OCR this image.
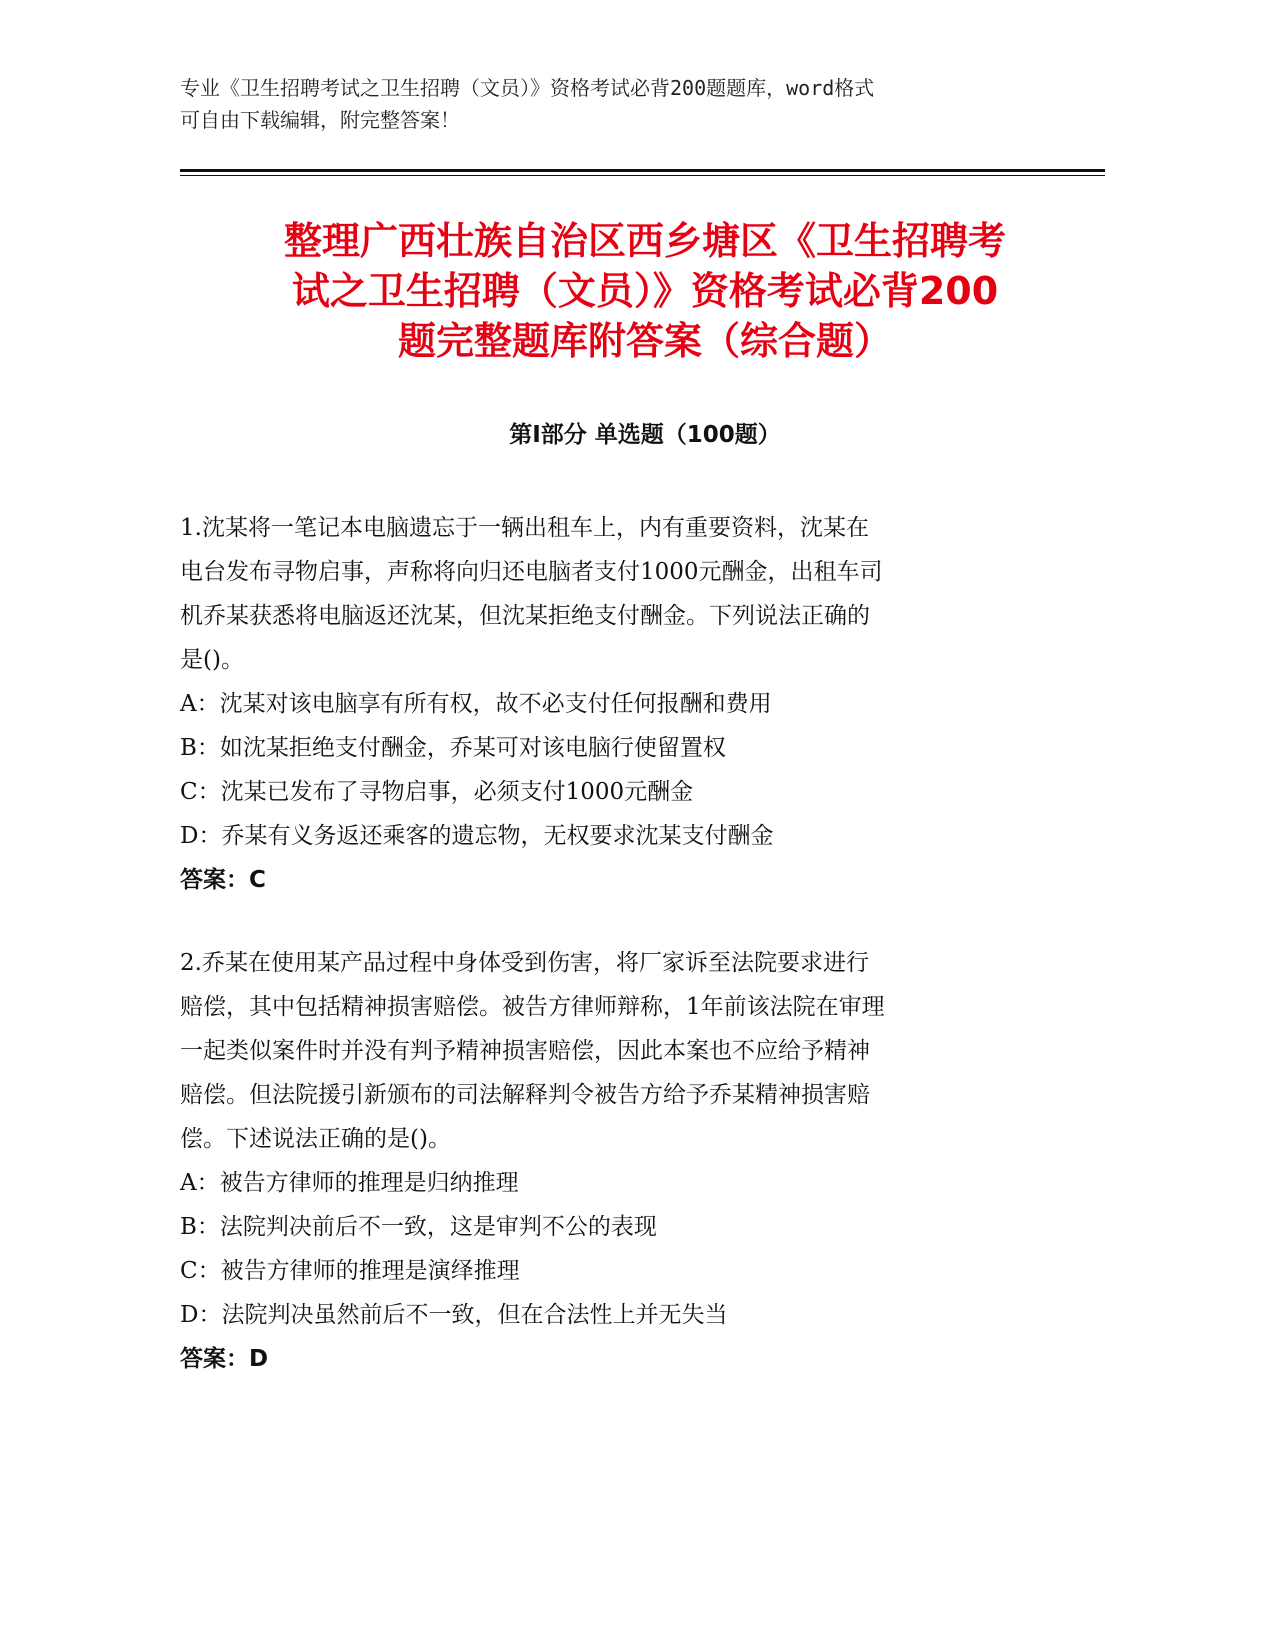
专业《卫生招聘考试之卫生招聘（文员）》资格考试必背200题题库，word格式
可自由下载编辑，附完整答案！
整理广西壮族自治区西乡塘区《卫生招聘考
试之卫生招聘（文员）》资格考试必背200
题完整题库附答案（综合题）
第Ⅰ部分 单选题（100题）
1.沈某将一笔记本电脑遗忘于一辆出租车上，内有重要资料，沈某在
电台发布寻物启事，声称将向归还电脑者支付1000元酬金，出租车司
机乔某获悉将电脑返还沈某，但沈某拒绝支付酬金。下列说法正确的
是()。
A：沈某对该电脑享有所有权，故不必支付任何报酬和费用
B：如沈某拒绝支付酬金，乔某可对该电脑行使留置权
C：沈某已发布了寻物启事，必须支付1000元酬金
D：乔某有义务返还乘客的遗忘物，无权要求沈某支付酬金
答案：C
2.乔某在使用某产品过程中身体受到伤害，将厂家诉至法院要求进行
赔偿，其中包括精神损害赔偿。被告方律师辩称，1年前该法院在审理
一起类似案件时并没有判予精神损害赔偿，因此本案也不应给予精神
赔偿。但法院援引新颁布的司法解释判令被告方给予乔某精神损害赔
偿。下述说法正确的是()。
A：被告方律师的推理是归纳推理
B：法院判决前后不一致，这是审判不公的表现
C：被告方律师的推理是演绎推理
D：法院判决虽然前后不一致，但在合法性上并无失当
答案：D
